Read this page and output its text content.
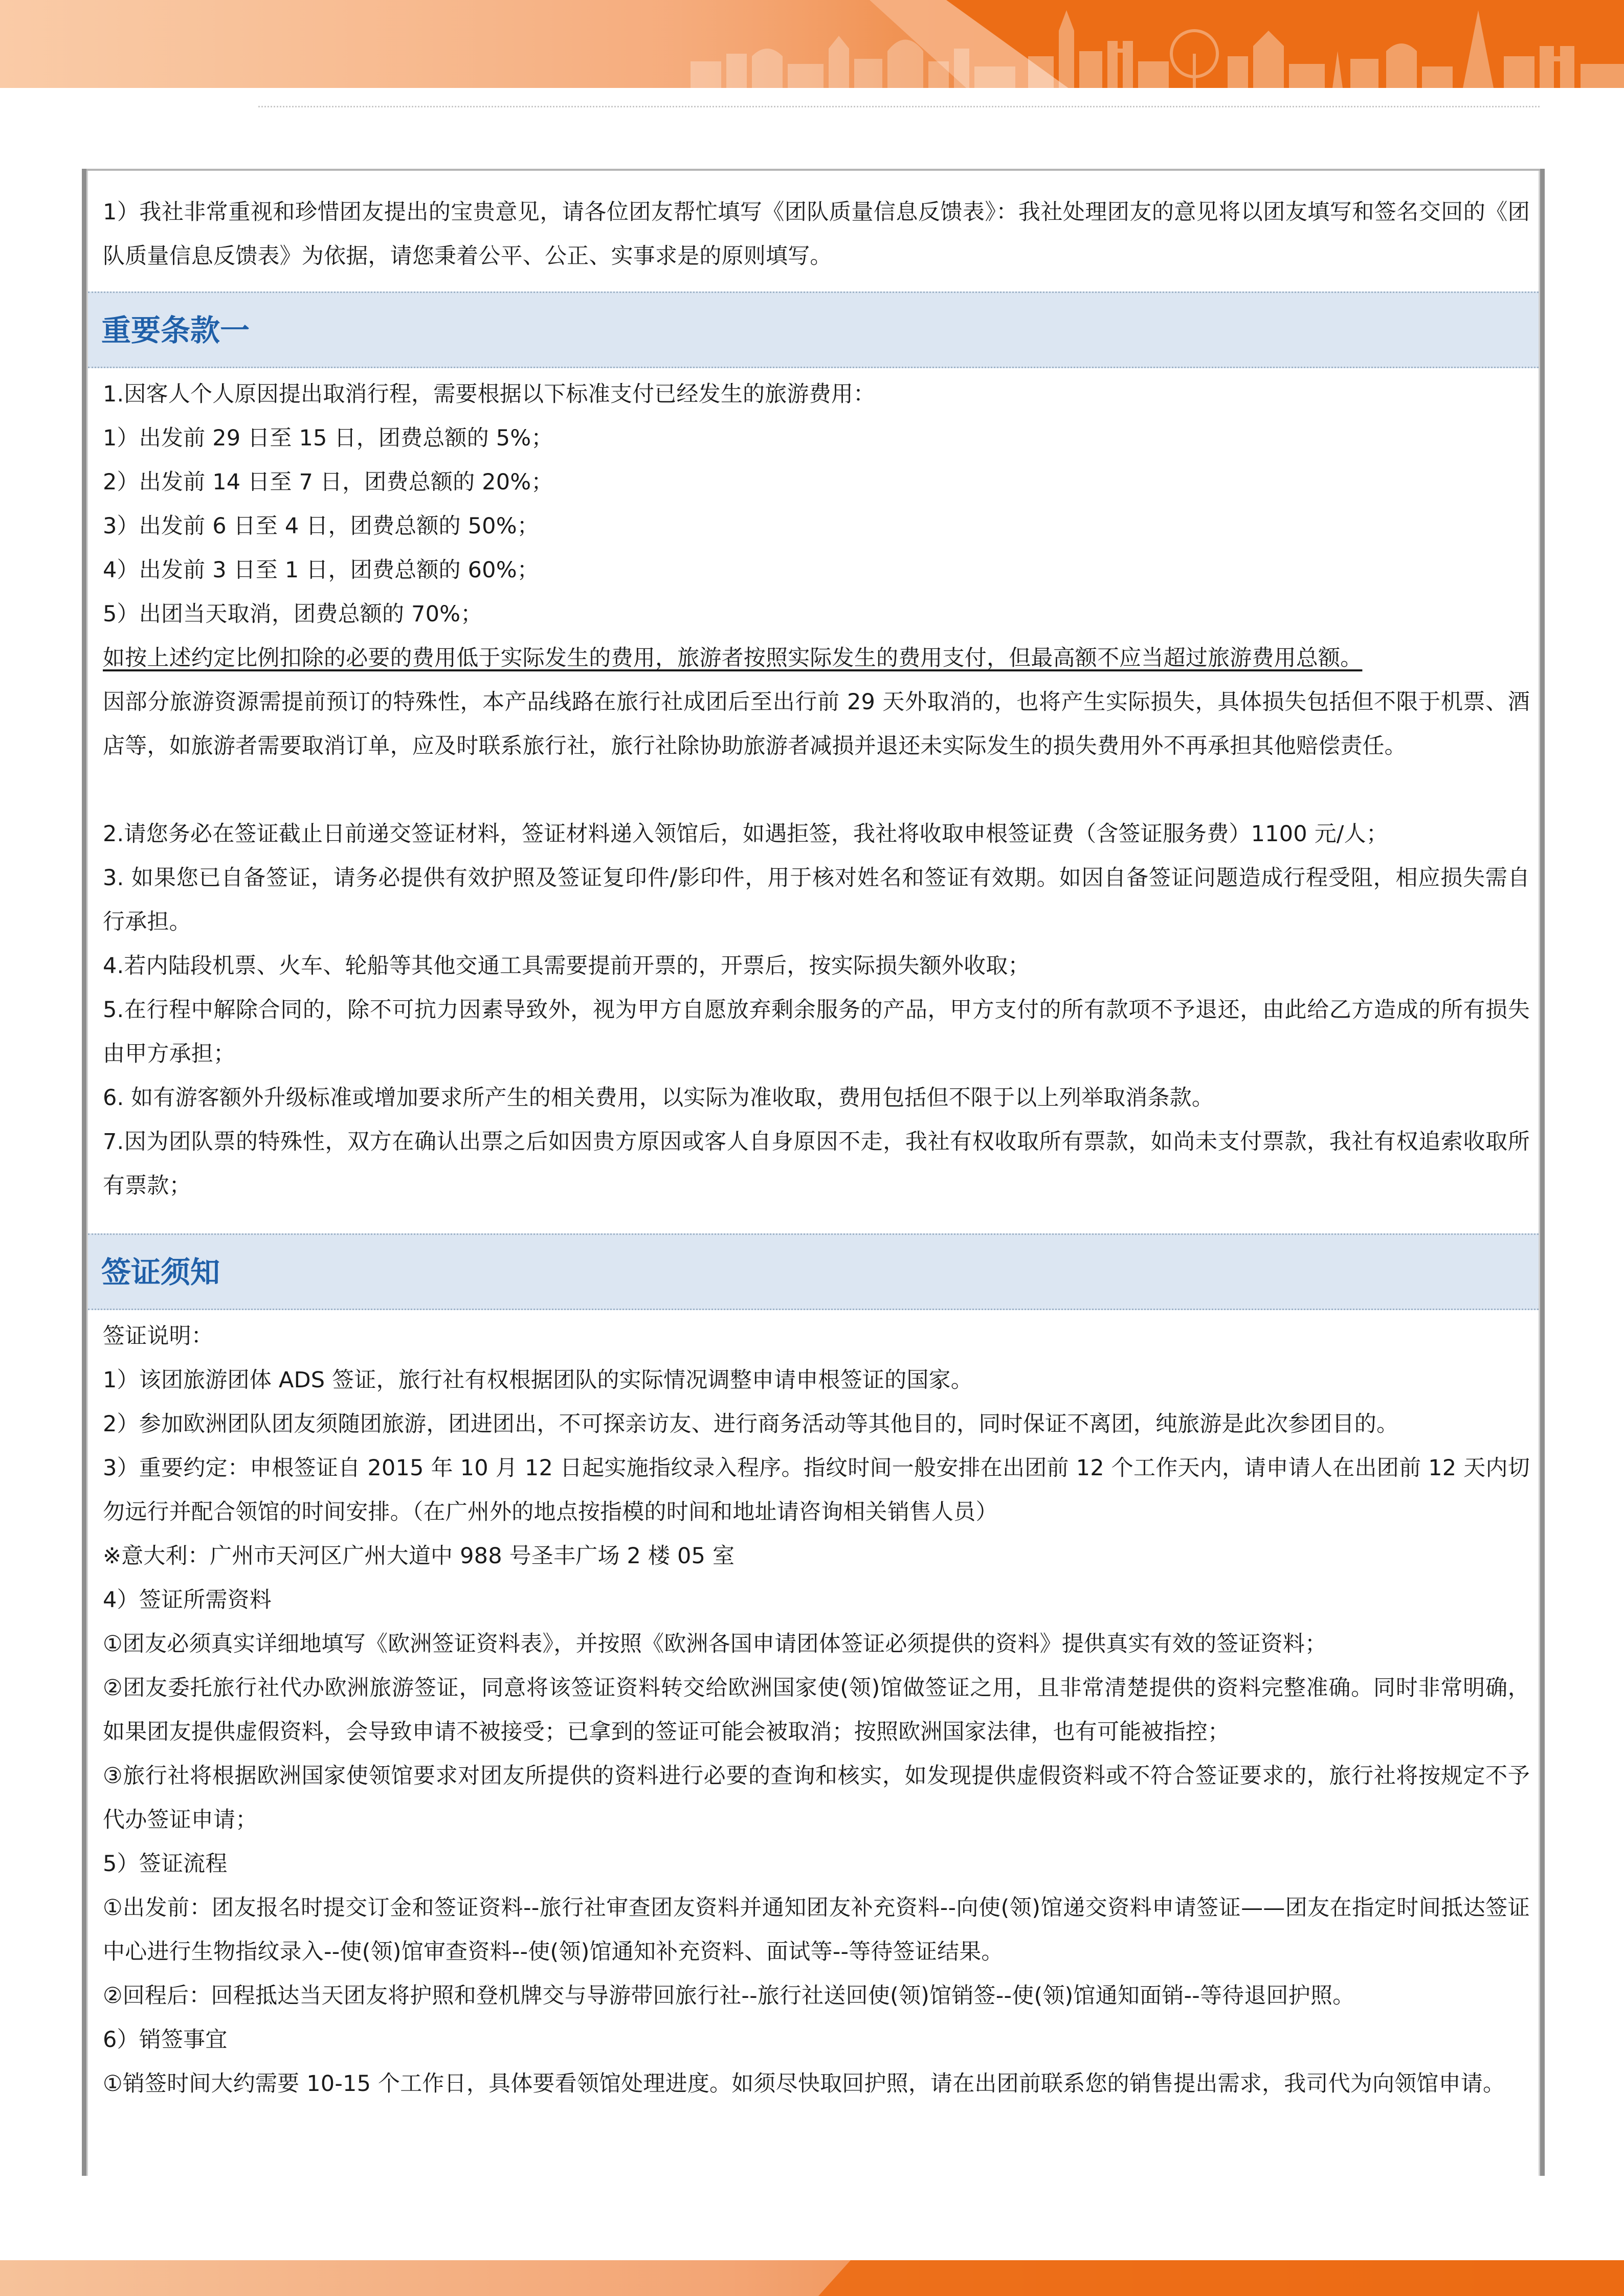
1）我社非常重视和珍惜团友提出的宝贵意见，请各位团友帮忙填写《团队质量信息反馈表》：我社处理团友的意见将以团友填写和签名交回的《团队质量信息反馈表》为依据，请您秉着公平、公正、实事求是的原则填写。

重要条款一

1.因客人个人原因提出取消行程，需要根据以下标准支付已经发生的旅游费用：

1）出发前 29 日至 15 日，团费总额的 5%；

2）出发前 14 日至 7 日，团费总额的 20%；

3）出发前 6 日至 4 日，团费总额的 50%；

4）出发前 3 日至 1 日，团费总额的 60%；

5）出团当天取消，团费总额的 70%；

如按上述约定比例扣除的必要的费用低于实际发生的费用，旅游者按照实际发生的费用支付，但最高额不应当超过旅游费用总额。

因部分旅游资源需提前预订的特殊性，本产品线路在旅行社成团后至出行前 29 天外取消的，也将产生实际损失，具体损失包括但不限于机票、酒店等，如旅游者需要取消订单，应及时联系旅行社，旅行社除协助旅游者减损并退还未实际发生的损失费用外不再承担其他赔偿责任。

2.请您务必在签证截止日前递交签证材料，签证材料递入领馆后，如遇拒签，我社将收取申根签证费（含签证服务费）1100 元/人；

3. 如果您已自备签证，请务必提供有效护照及签证复印件/影印件，用于核对姓名和签证有效期。如因自备签证问题造成行程受阻，相应损失需自行承担。

4.若内陆段机票、火车、轮船等其他交通工具需要提前开票的，开票后，按实际损失额外收取；

5.在行程中解除合同的，除不可抗力因素导致外，视为甲方自愿放弃剩余服务的产品，甲方支付的所有款项不予退还，由此给乙方造成的所有损失由甲方承担；

6. 如有游客额外升级标准或增加要求所产生的相关费用，以实际为准收取，费用包括但不限于以上列举取消条款。

7.因为团队票的特殊性，双方在确认出票之后如因贵方原因或客人自身原因不走，我社有权收取所有票款，如尚未支付票款，我社有权追索收取所有票款；

签证须知

签证说明：

1）该团旅游团体 ADS 签证，旅行社有权根据团队的实际情况调整申请申根签证的国家。

2）参加欧洲团队团友须随团旅游，团进团出，不可探亲访友、进行商务活动等其他目的，同时保证不离团，纯旅游是此次参团目的。

3）重要约定：申根签证自 2015 年 10 月 12 日起实施指纹录入程序。指纹时间一般安排在出团前 12 个工作天内，请申请人在出团前 12 天内切勿远行并配合领馆的时间安排。（在广州外的地点按指模的时间和地址请咨询相关销售人员）

※意大利：广州市天河区广州大道中 988 号圣丰广场 2 楼 05 室

4）签证所需资料

①团友必须真实详细地填写《欧洲签证资料表》，并按照《欧洲各国申请团体签证必须提供的资料》提供真实有效的签证资料；

②团友委托旅行社代办欧洲旅游签证，同意将该签证资料转交给欧洲国家使(领)馆做签证之用，且非常清楚提供的资料完整准确。同时非常明确，如果团友提供虚假资料，会导致申请不被接受；已拿到的签证可能会被取消；按照欧洲国家法律，也有可能被指控；

③旅行社将根据欧洲国家使领馆要求对团友所提供的资料进行必要的查询和核实，如发现提供虚假资料或不符合签证要求的，旅行社将按规定不予代办签证申请；

5）签证流程

①出发前：团友报名时提交订金和签证资料--旅行社审查团友资料并通知团友补充资料--向使(领)馆递交资料申请签证——团友在指定时间抵达签证中心进行生物指纹录入--使(领)馆审查资料--使(领)馆通知补充资料、面试等--等待签证结果。

②回程后：回程抵达当天团友将护照和登机牌交与导游带回旅行社--旅行社送回使(领)馆销签--使(领)馆通知面销--等待退回护照。

6）销签事宜

①销签时间大约需要 10-15 个工作日，具体要看领馆处理进度。如须尽快取回护照，请在出团前联系您的销售提出需求，我司代为向领馆申请。
